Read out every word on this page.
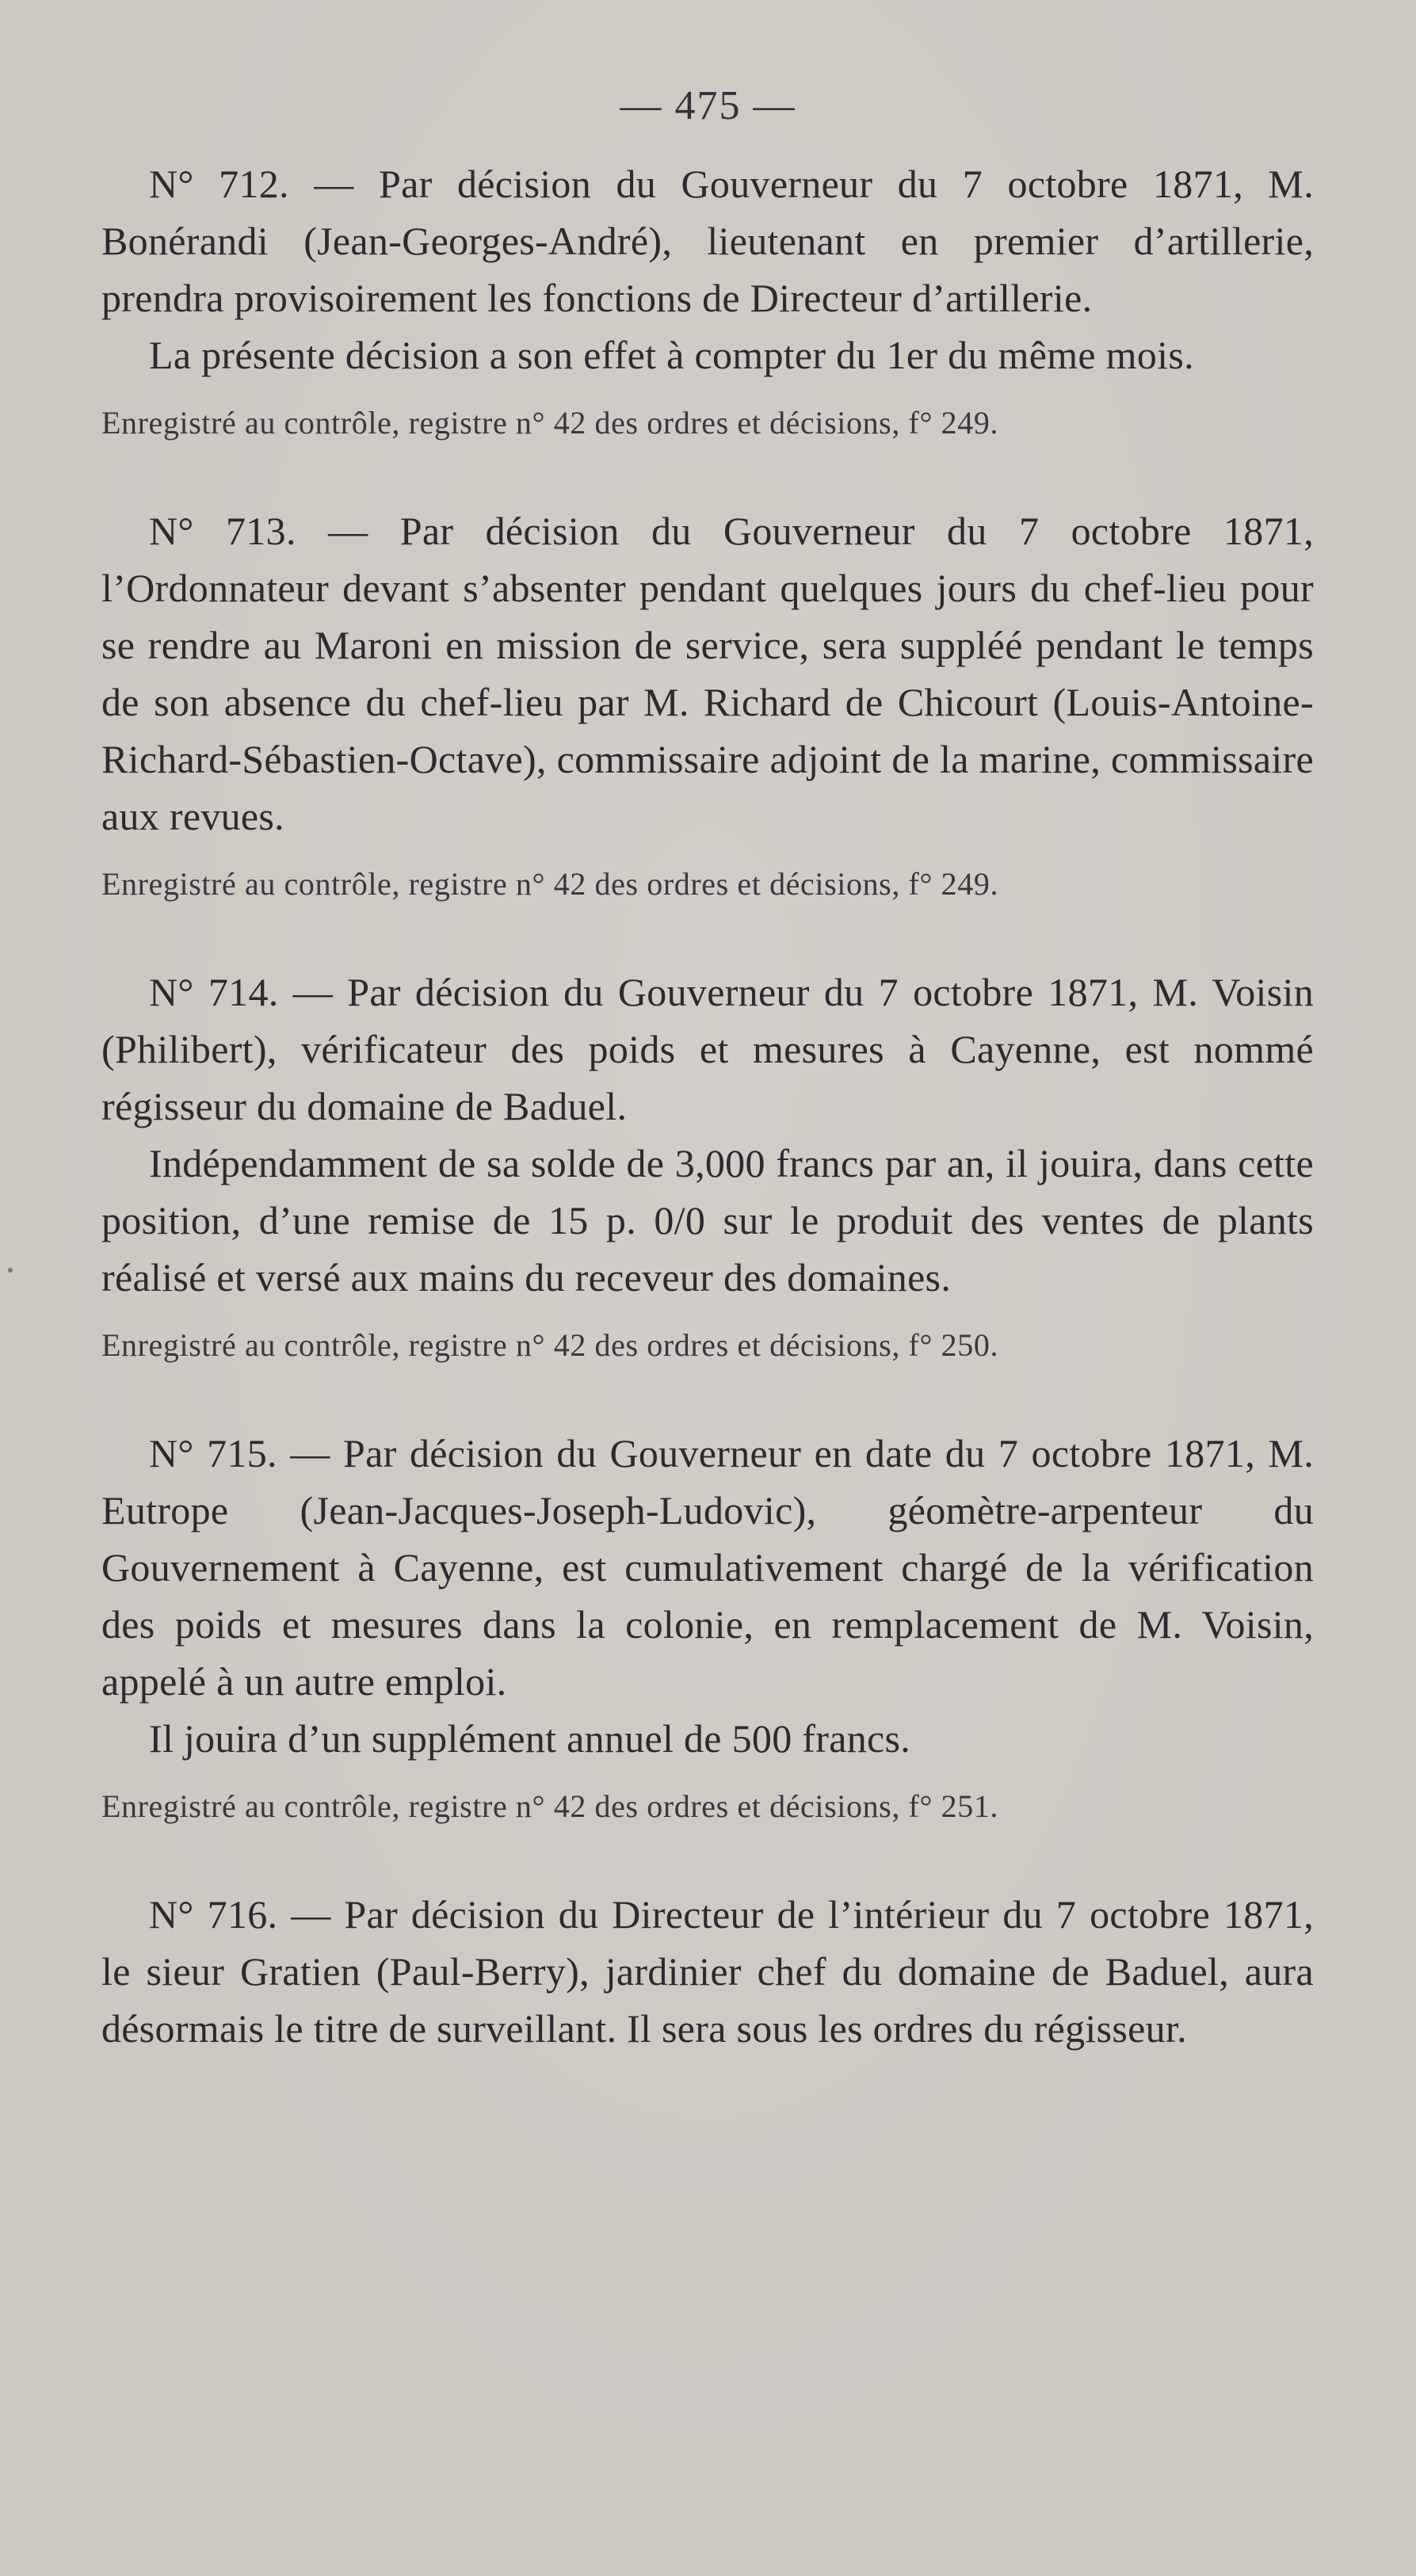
— 475 —

N° 712. — Par décision du Gouverneur du 7 octobre 1871, M. Bonérandi (Jean-Georges-André), lieutenant en premier d’artillerie, prendra provisoirement les fonctions de Directeur d’artillerie.

La présente décision a son effet à compter du 1er du même mois.

Enregistré au contrôle, registre n° 42 des ordres et décisions, f° 249.

N° 713. — Par décision du Gouverneur du 7 octobre 1871, l’Ordonnateur devant s’absenter pendant quelques jours du chef-lieu pour se rendre au Maroni en mission de service, sera suppléé pendant le temps de son absence du chef-lieu par M. Richard de Chicourt (Louis-Antoine-Richard-Sébastien-Octave), commissaire adjoint de la marine, commissaire aux revues.

Enregistré au contrôle, registre n° 42 des ordres et décisions, f° 249.

N° 714. — Par décision du Gouverneur du 7 octobre 1871, M. Voisin (Philibert), vérificateur des poids et mesures à Cayenne, est nommé régisseur du domaine de Baduel.

Indépendamment de sa solde de 3,000 francs par an, il jouira, dans cette position, d’une remise de 15 p. 0/0 sur le produit des ventes de plants réalisé et versé aux mains du receveur des domaines.

Enregistré au contrôle, registre n° 42 des ordres et décisions, f° 250.

N° 715. — Par décision du Gouverneur en date du 7 octobre 1871, M. Eutrope (Jean-Jacques-Joseph-Ludovic), géomètre-arpenteur du Gouvernement à Cayenne, est cumulativement chargé de la vérification des poids et mesures dans la colonie, en remplacement de M. Voisin, appelé à un autre emploi.

Il jouira d’un supplément annuel de 500 francs.

Enregistré au contrôle, registre n° 42 des ordres et décisions, f° 251.

N° 716. — Par décision du Directeur de l’intérieur du 7 octobre 1871, le sieur Gratien (Paul-Berry), jardinier chef du domaine de Baduel, aura désormais le titre de surveillant. Il sera sous les ordres du régisseur.
